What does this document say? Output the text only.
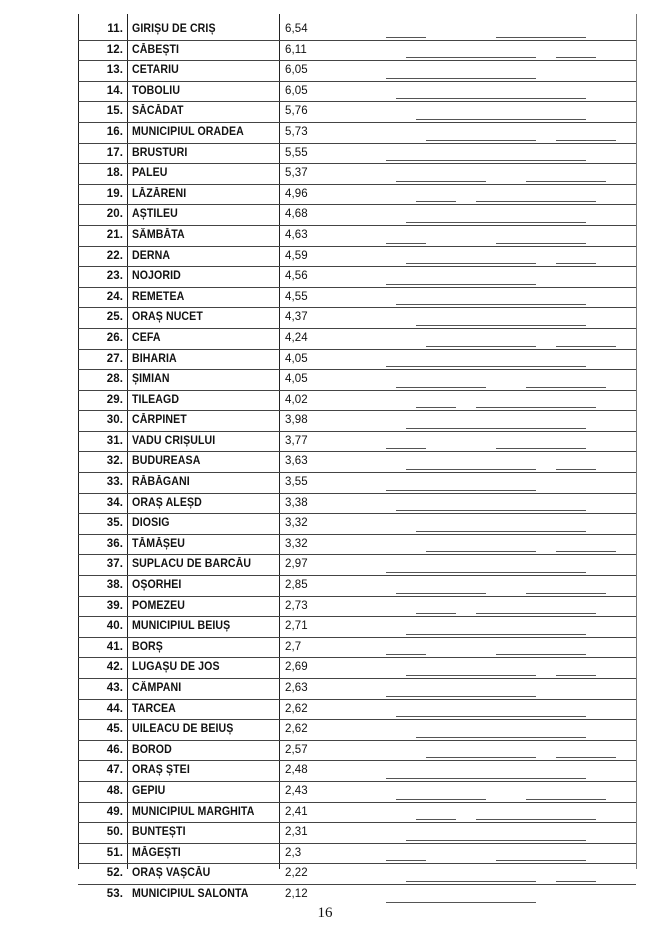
11. GIRIȘU DE CRIȘ	6,54
12. CĂBEȘTI	6,11
13. CETARIU	6,05
14. TOBOLIU	6,05
15. SĂCĂDAT	5,76
16. MUNICIPIUL ORADEA	5,73
17. BRUSTURI	5,55
18. PALEU	5,37
19. LĂZĂRENI	4,96
20. AȘTILEU	4,68
21. SÂMBĂTA	4,63
22. DERNA	4,59
23. NOJORID	4,56
24. REMETEA	4,55
25. ORAȘ NUCET	4,37
26. CEFA	4,24
27. BIHARIA	4,05
28. ȘIMIAN	4,05
29. TILEAGD	4,02
30. CĂRPINET	3,98
31. VADU CRIȘULUI	3,77
32. BUDUREASA	3,63
33. RĂBĂGANI	3,55
34. ORAȘ ALEȘD	3,38
35. DIOSIG	3,32
36. TĂMĂȘEU	3,32
37. SUPLACU DE BARCĂU	2,97
38. OȘORHEI	2,85
39. POMEZEU	2,73
40. MUNICIPIUL BEIUȘ	2,71
41. BORȘ	2,7
42. LUGAȘU DE JOS	2,69
43. CÂMPANI	2,63
44. TARCEA	2,62
45. UILEACU DE BEIUȘ	2,62
46. BOROD	2,57
47. ORAȘ ȘTEI	2,48
48. GEPIU	2,43
49. MUNICIPIUL MARGHITA	2,41
50. BUNTEȘTI	2,31
51. MĂGEȘTI	2,3
52. ORAȘ VAȘCĂU	2,22
53. MUNICIPIUL SALONTA	2,12
16
